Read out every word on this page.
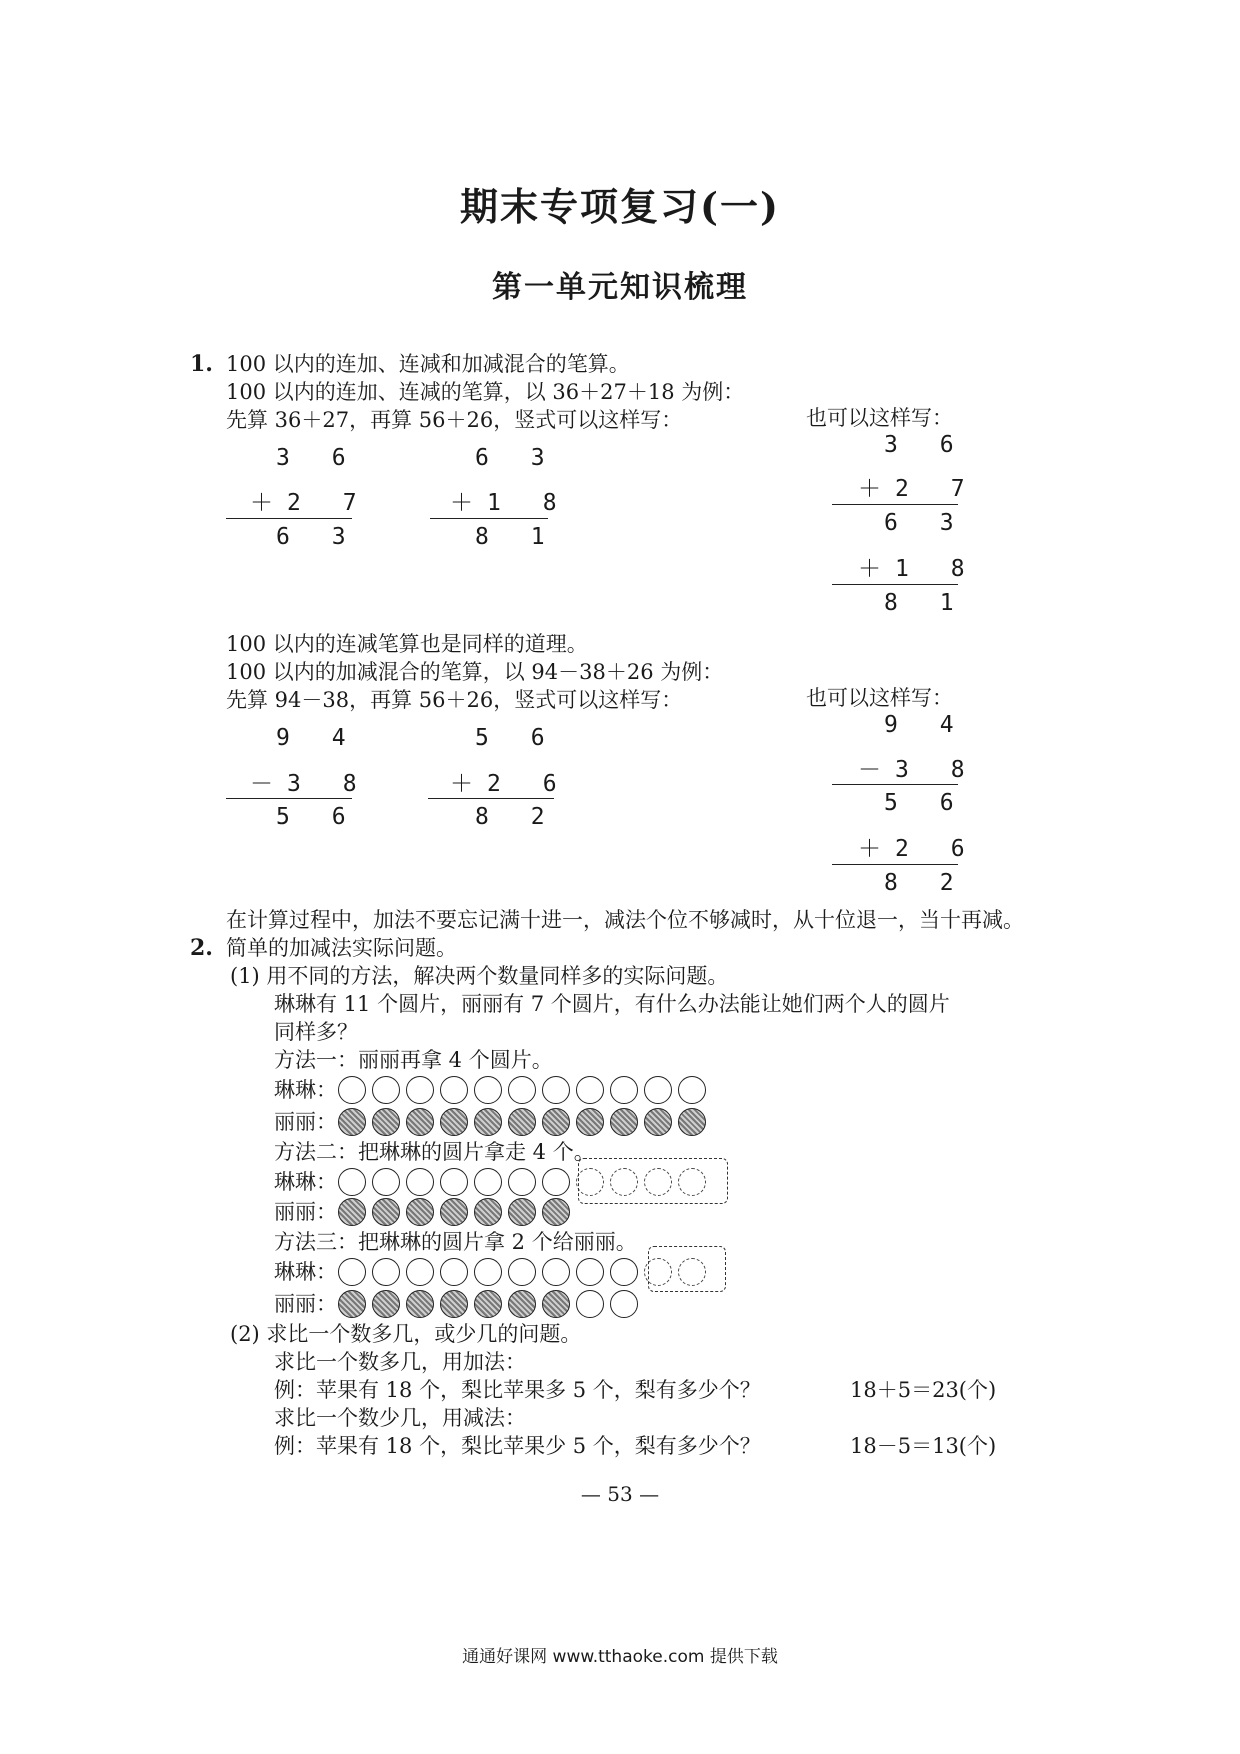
期末专项复习(一)
第一单元知识梳理
1. 100 以内的连加、连减和加减混合的笔算。
100 以内的连加、连减的笔算，以 36＋27＋18 为例：
先算 36＋27，再算 56＋26，竖式可以这样写：	也可以这样写：
3 6
＋2 7
6 3
6 3
＋1 8
8 1
3 6
＋2 7
6 3
＋1 8
8 1
100 以内的连减笔算也是同样的道理。
100 以内的加减混合的笔算，以 94－38＋26 为例：
先算 94－38，再算 56＋26，竖式可以这样写：	也可以这样写：
9 4
－3 8
5 6
5 6
＋2 6
8 2
9 4
－3 8
5 6
＋2 6
8 2
在计算过程中，加法不要忘记满十进一，减法个位不够减时，从十位退一，当十再减。
2. 简单的加减法实际问题。
(1) 用不同的方法，解决两个数量同样多的实际问题。
琳琳有 11 个圆片，丽丽有 7 个圆片，有什么办法能让她们两个人的圆片
同样多？
方法一：丽丽再拿 4 个圆片。
琳琳：
丽丽：
方法二：把琳琳的圆片拿走 4 个。
琳琳：
丽丽：
方法三：把琳琳的圆片拿 2 个给丽丽。
琳琳：
丽丽：
(2) 求比一个数多几，或少几的问题。
求比一个数多几，用加法：
例：苹果有 18 个，梨比苹果多 5 个，梨有多少个？	18＋5＝23(个)
求比一个数少几，用减法：
例：苹果有 18 个，梨比苹果少 5 个，梨有多少个？	18－5＝13(个)
— 53 —
通通好课网 www.tthaoke.com 提供下载
